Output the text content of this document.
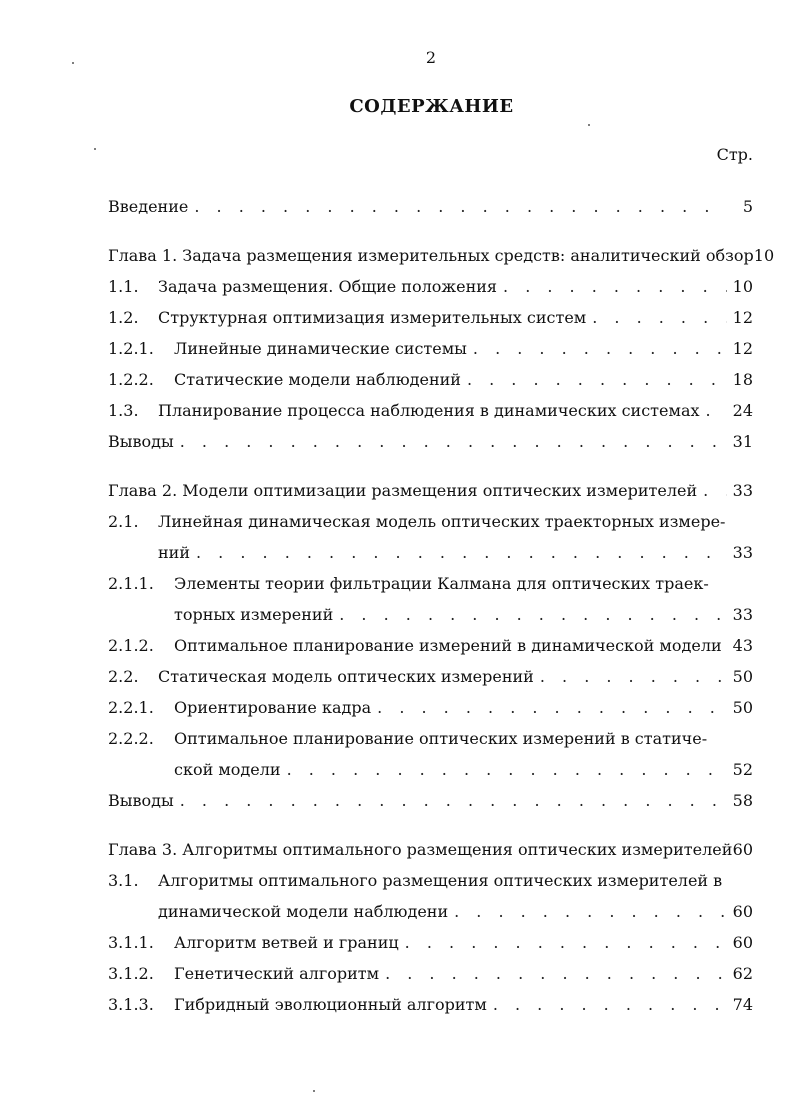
2
СОДЕРЖАНИЕ
Стр.
Введение . . .	5
Глава 1. Задача размещения измерительных средств: аналитический обзор 10
1.1.	Задача размещения. Общие положения . . .	10
1.2.	Структурная оптимизация измерительных систем . . .	12
1.2.1.	Линейные динамические системы . . .	12
1.2.2.	Статические модели наблюдений . . .	18
1.3.	Планирование процесса наблюдения в динамических системах . . . 24
Выводы . . .	31
Глава 2. Модели оптимизации размещения оптических измерителей . . . 33
2.1.	Линейная динамическая модель оптических траекторных измере-
ний . . .	33
2.1.1.	Элементы теории фильтрации Калмана для оптических траек-
торных измерений . . .	33
2.1.2.	Оптимальное планирование измерений в динамической модели 43
2.2.	Статическая модель оптических измерений . . .	50
2.2.1.	Ориентирование кадра . . .	50
2.2.2.	Оптимальное планирование оптических измерений в статиче-
ской модели . . .	52
Выводы . . .	58
Глава 3. Алгоритмы оптимального размещения оптических измерителей 60
3.1.	Алгоритмы оптимального размещения оптических измерителей в
динамической модели наблюдени . . .	60
3.1.1.	Алгоритм ветвей и границ . . .	60
3.1.2.	Генетический алгоритм . . .	62
3.1.3.	Гибридный эволюционный алгоритм . . .	74
